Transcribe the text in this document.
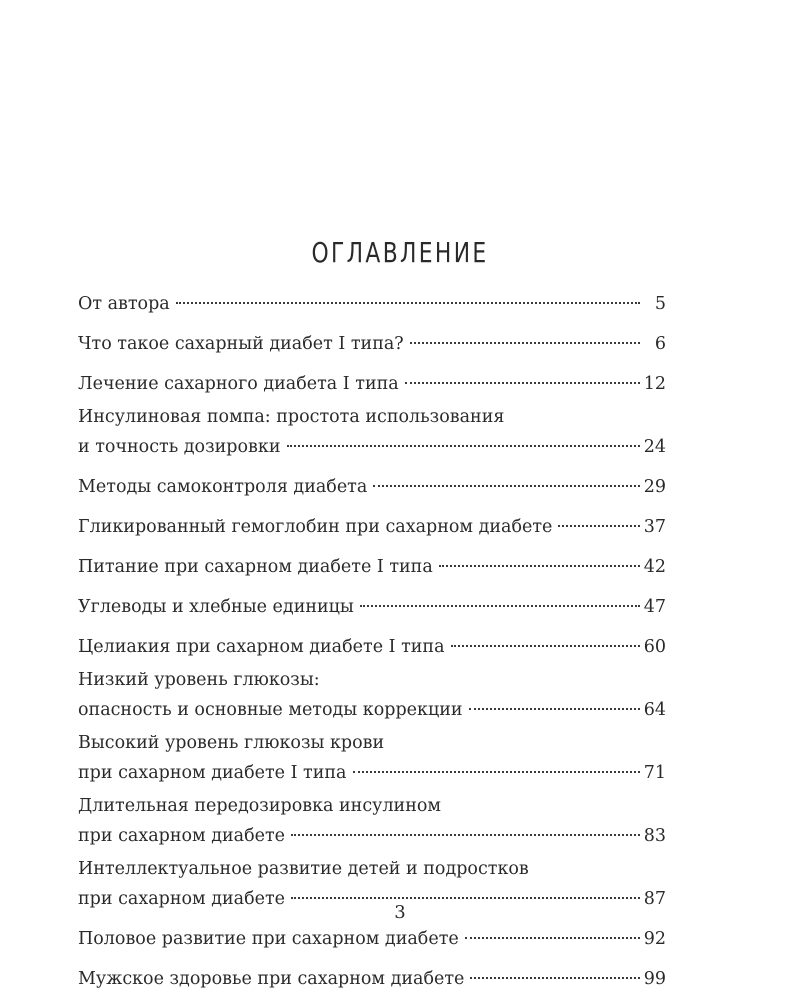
ОГЛАВЛЕНИЕ
От автора	5
Что такое сахарный диабет I типа?	6
Лечение сахарного диабета I типа	12
Инсулиновая помпа: простота использования
и точность дозировки	24
Методы самоконтроля диабета	29
Гликированный гемоглобин при сахарном диабете	37
Питание при сахарном диабете I типа	42
Углеводы и хлебные единицы	47
Целиакия при сахарном диабете I типа	60
Низкий уровень глюкозы:
опасность и основные методы коррекции	64
Высокий уровень глюкозы крови
при сахарном диабете I типа	71
Длительная передозировка инсулином
при сахарном диабете	83
Интеллектуальное развитие детей и подростков
при сахарном диабете	87
Половое развитие при сахарном диабете	92
Мужское здоровье при сахарном диабете	99
3
